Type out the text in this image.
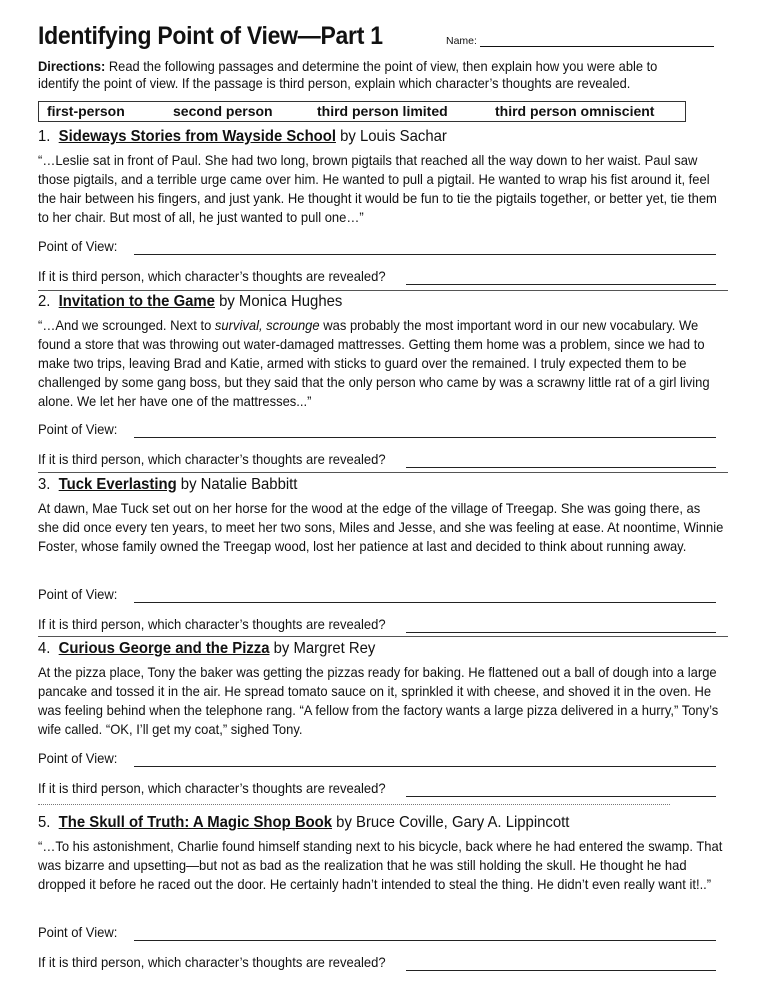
Identifying Point of View—Part 1	Name:
Directions: Read the following passages and determine the point of view, then explain how you were able to identify the point of view. If the passage is third person, explain which character’s thoughts are revealed.
first-person	second person	third person limited	third person omniscient
1. Sideways Stories from Wayside School by Louis Sachar
“…Leslie sat in front of Paul. She had two long, brown pigtails that reached all the way down to her waist. Paul saw those pigtails, and a terrible urge came over him. He wanted to pull a pigtail. He wanted to wrap his fist around it, feel the hair between his fingers, and just yank. He thought it would be fun to tie the pigtails together, or better yet, tie them to her chair. But most of all, he just wanted to pull one…”
Point of View:
If it is third person, which character’s thoughts are revealed?
2. Invitation to the Game by Monica Hughes
“…And we scrounged. Next to survival, scrounge was probably the most important word in our new vocabulary. We found a store that was throwing out water-damaged mattresses. Getting them home was a problem, since we had to make two trips, leaving Brad and Katie, armed with sticks to guard over the remained. I truly expected them to be challenged by some gang boss, but they said that the only person who came by was a scrawny little rat of a girl living alone. We let her have one of the mattresses...”
Point of View:
If it is third person, which character’s thoughts are revealed?
3. Tuck Everlasting by Natalie Babbitt
At dawn, Mae Tuck set out on her horse for the wood at the edge of the village of Treegap. She was going there, as she did once every ten years, to meet her two sons, Miles and Jesse, and she was feeling at ease. At noontime, Winnie Foster, whose family owned the Treegap wood, lost her patience at last and decided to think about running away.
Point of View:
If it is third person, which character’s thoughts are revealed?
4. Curious George and the Pizza by Margret Rey
At the pizza place, Tony the baker was getting the pizzas ready for baking. He flattened out a ball of dough into a large pancake and tossed it in the air. He spread tomato sauce on it, sprinkled it with cheese, and shoved it in the oven. He was feeling behind when the telephone rang. “A fellow from the factory wants a large pizza delivered in a hurry,” Tony’s wife called. “OK, I’ll get my coat,” sighed Tony.
Point of View:
If it is third person, which character’s thoughts are revealed?
5. The Skull of Truth: A Magic Shop Book by Bruce Coville, Gary A. Lippincott
“…To his astonishment, Charlie found himself standing next to his bicycle, back where he had entered the swamp. That was bizarre and upsetting—but not as bad as the realization that he was still holding the skull. He thought he had dropped it before he raced out the door. He certainly hadn’t intended to steal the thing. He didn’t even really want it!..”
Point of View:
If it is third person, which character’s thoughts are revealed?
